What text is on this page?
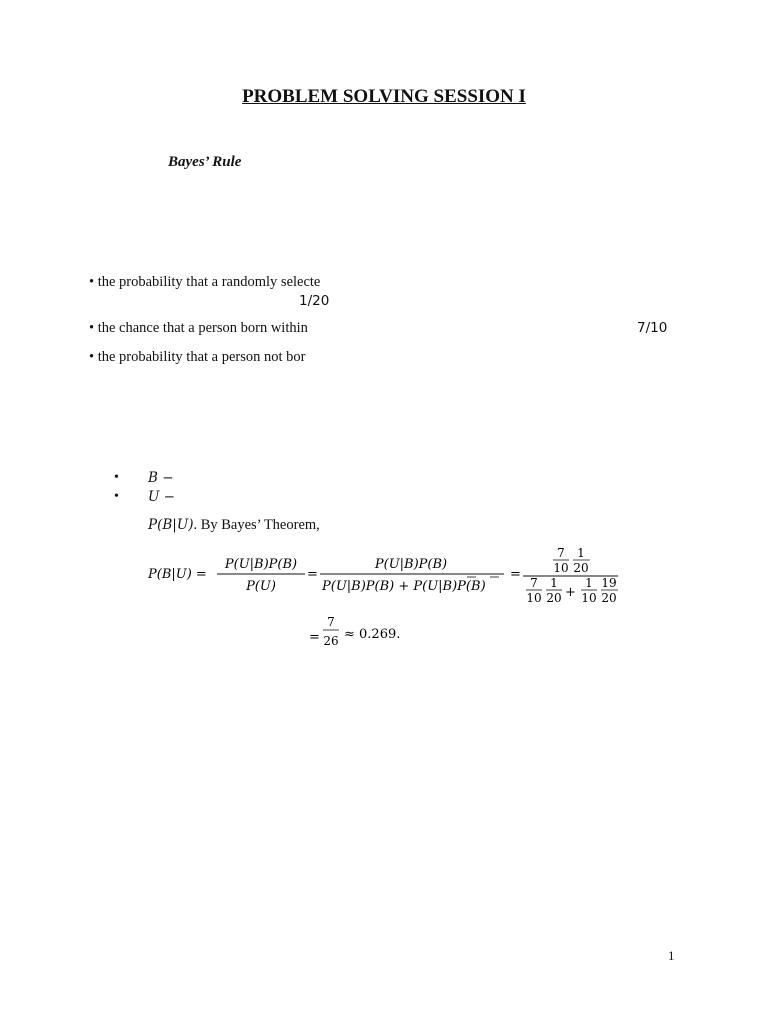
PROBLEM SOLVING SESSION I
Bayes’ Rule
• the probability that a randomly selecte
1/20
• the chance that a person born within	7/10
• the probability that a person not bor
• B −
• U −
P(B|U). By Bayes’ Theorem,
P(B|U) =
P(U|B)P(B)
P(U)
=
P(U|B)P(B)
P(U|B)P(B) + P(U|B)P(B)
=
7
10
1
20
7
10
1
20 +
1
10
19
20
=
7
26 ≈ 0.269.
1
